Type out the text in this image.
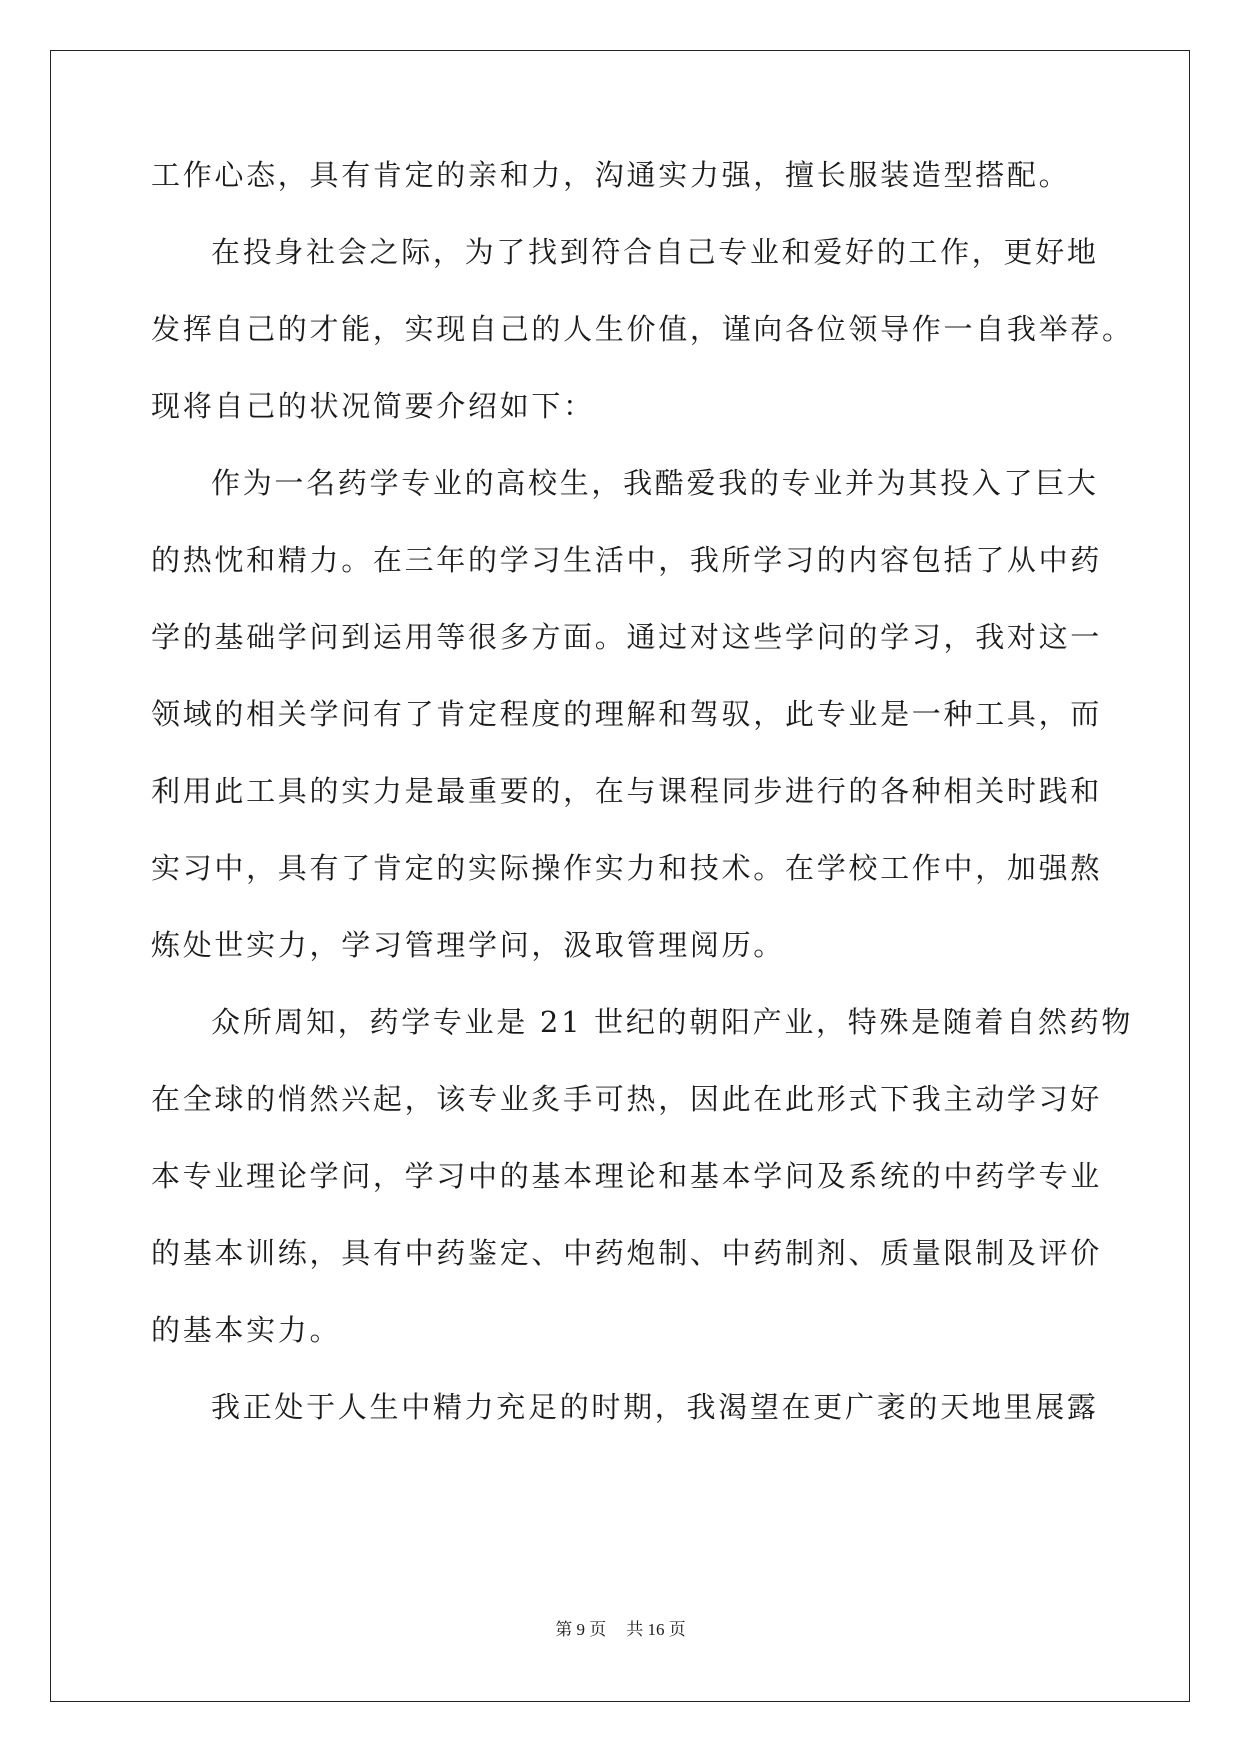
工作心态，具有肯定的亲和力，沟通实力强，擅长服装造型搭配。
在投身社会之际，为了找到符合自己专业和爱好的工作，更好地
发挥自己的才能，实现自己的人生价值，谨向各位领导作一自我举荐。
现将自己的状况简要介绍如下：
作为一名药学专业的高校生，我酷爱我的专业并为其投入了巨大
的热忱和精力。在三年的学习生活中，我所学习的内容包括了从中药
学的基础学问到运用等很多方面。通过对这些学问的学习，我对这一
领域的相关学问有了肯定程度的理解和驾驭，此专业是一种工具，而
利用此工具的实力是最重要的，在与课程同步进行的各种相关时践和
实习中，具有了肯定的实际操作实力和技术。在学校工作中，加强熬
炼处世实力，学习管理学问，汲取管理阅历。
众所周知，药学专业是 21 世纪的朝阳产业，特殊是随着自然药物
在全球的悄然兴起，该专业炙手可热，因此在此形式下我主动学习好
本专业理论学问，学习中的基本理论和基本学问及系统的中药学专业
的基本训练，具有中药鉴定、中药炮制、中药制剂、质量限制及评价
的基本实力。
我正处于人生中精力充足的时期，我渴望在更广袤的天地里展露
第 9 页 共 16 页
